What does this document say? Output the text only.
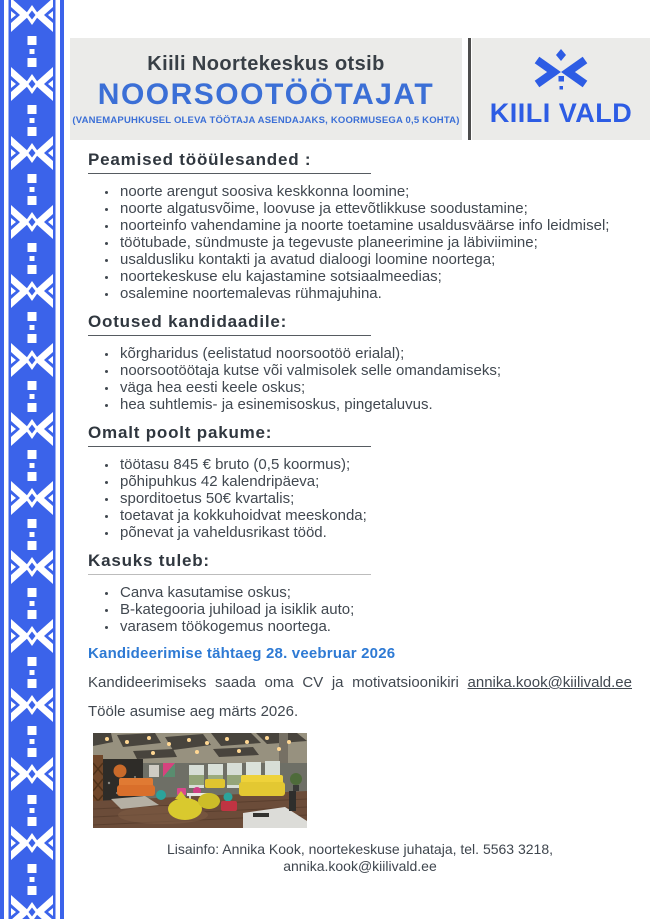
Kiili Noortekeskus otsib
NOORSOOTÖÖTAJAT
(VANEMAPUHKUSEL OLEVA TÖÖTAJA ASENDAJAKS, KOORMUSEGA 0,5 KOHTA) KIILI VALD
Peamised tööülesanded :
• noorte arengut soosiva keskkonna loomine;
• noorte algatusvõime, loovuse ja ettevõtlikkuse soodustamine;
• noorteinfo vahendamine ja noorte toetamine usaldusväärse info leidmisel;
• töötubade, sündmuste ja tegevuste planeerimine ja läbiviimine;
• usaldusliku kontakti ja avatud dialoogi loomine noortega;
• noortekeskuse elu kajastamine sotsiaalmeedias;
• osalemine noortemalevas rühmajuhina.
Ootused kandidaadile:
• kõrgharidus (eelistatud noorsootöö erialal);
• noorsootöötaja kutse või valmisolek selle omandamiseks;
• väga hea eesti keele oskus;
• hea suhtlemis- ja esinemisoskus, pingetaluvus.
Omalt poolt pakume:
• töötasu 845 € bruto (0,5 koormus);
• põhipuhkus 42 kalendripäeva;
• sporditoetus 50€ kvartalis;
• toetavat ja kokkuhoidvat meeskonda;
• põnevat ja vaheldusrikast tööd.
Kasuks tuleb:
• Canva kasutamise oskus;
• B-kategooria juhiload ja isiklik auto;
• varasem töökogemus noortega.
Kandideerimise tähtaeg 28. veebruar 2026

Kandideerimiseks saada oma CV ja motivatsioonikiri annika.kook@kiilivald.ee

Tööle asumise aeg märts 2026.
Lisainfo: Annika Kook, noortekeskuse juhataja, tel. 5563 3218,
annika.kook@kiilivald.ee
